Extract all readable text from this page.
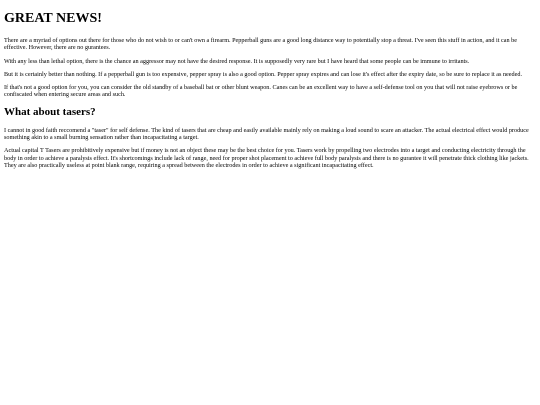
GREAT NEWS!

There are a myriad of options out there for those who do not wish to or can't own a firearm. Pepperball guns are a good long distance way to potentially stop a threat. I've seen this stuff in action, and it can be effective. However, there are no gurantees.

With any less than lethal option, there is the chance an aggressor may not have the desired response. It is supposedly very rare but I have heard that some people can be immune to irritants.

But it is certainly better than nothing. If a pepperball gun is too expensive, pepper spray is also a good option. Pepper spray expires and can lose it's effect after the expiry date, so be sure to replace it as needed.

If that's not a good option for you, you can consider the old standby of a baseball bat or other blunt weapon. Canes can be an excellent way to have a self-defense tool on you that will not raise eyebrows or be confiscated when entering secure areas and such.

What about tasers?

I cannot in good faith reccomend a "taser" for self defense. The kind of tasers that are cheap and easily available mainly rely on making a loud sound to scare an attacker. The actual electrical effect would produce something akin to a small burning sensation rather than incapacitating a target.

Actual capital T Tasers are prohibitively expensive but if money is not an object these may be the best choice for you. Tasers work by propelling two electrodes into a target and conducting electricity through the body in order to achieve a paralysis effect. It's shortcomings include lack of range, need for proper shot placement to achieve full body paralysis and there is no gurantee it will penetrate thick clothing like jackets. They are also practically useless at point blank range, requiring a spread between the electrodes in order to achieve a significant incapacitating effect.
